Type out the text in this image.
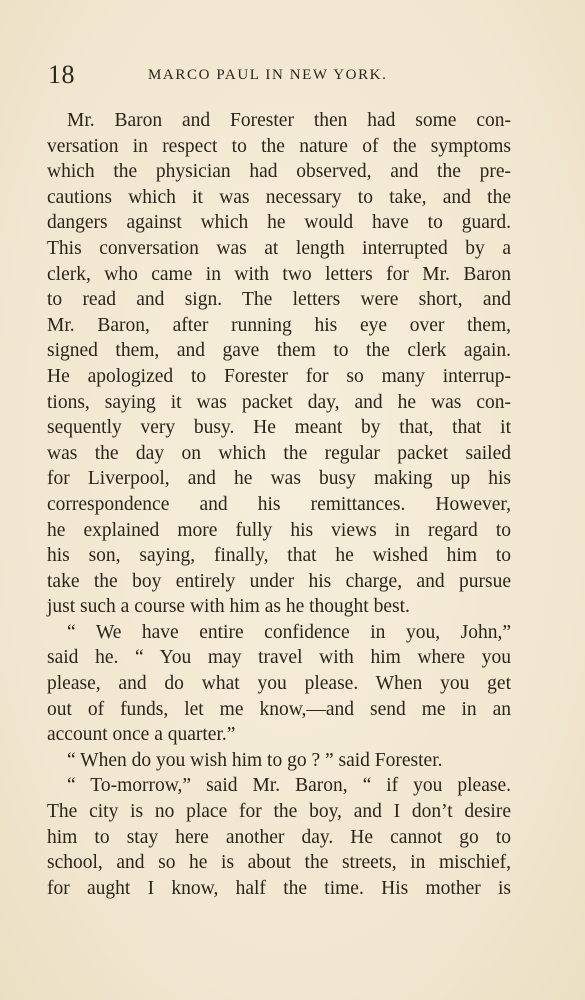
18	MARCO PAUL IN NEW YORK.
Mr. Baron and Forester then had some con-
versation in respect to the nature of the symptoms
which the physician had observed, and the pre-
cautions which it was necessary to take, and the
dangers against which he would have to guard.
This conversation was at length interrupted by a
clerk, who came in with two letters for Mr. Baron
to read and sign. The letters were short, and
Mr. Baron, after running his eye over them,
signed them, and gave them to the clerk again.
He apologized to Forester for so many interrup-
tions, saying it was packet day, and he was con-
sequently very busy. He meant by that, that it
was the day on which the regular packet sailed
for Liverpool, and he was busy making up his
correspondence and his remittances. However,
he explained more fully his views in regard to
his son, saying, finally, that he wished him to
take the boy entirely under his charge, and pursue
just such a course with him as he thought best.
“ We have entire confidence in you, John,”
said he. “ You may travel with him where you
please, and do what you please. When you get
out of funds, let me know,—and send me in an
account once a quarter.”
“ When do you wish him to go ? ” said Forester.
“ To-morrow,” said Mr. Baron, “ if you please.
The city is no place for the boy, and I don’t desire
him to stay here another day. He cannot go to
school, and so he is about the streets, in mischief,
for aught I know, half the time. His mother is
